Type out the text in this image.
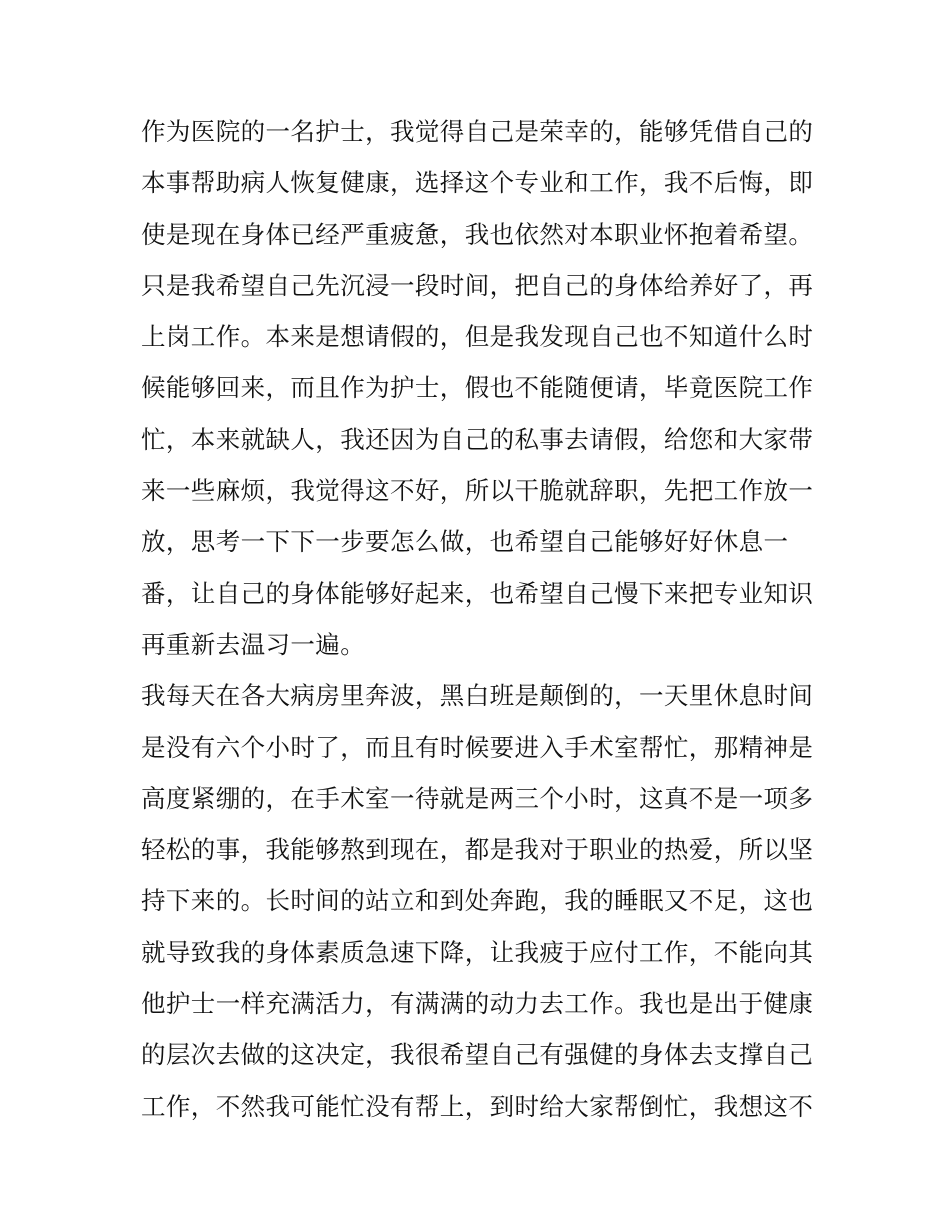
作为医院的一名护士，我觉得自己是荣幸的，能够凭借自己的
本事帮助病人恢复健康，选择这个专业和工作，我不后悔，即
使是现在身体已经严重疲惫，我也依然对本职业怀抱着希望。
只是我希望自己先沉浸一段时间，把自己的身体给养好了，再
上岗工作。本来是想请假的，但是我发现自己也不知道什么时
候能够回来，而且作为护士，假也不能随便请，毕竟医院工作
忙，本来就缺人，我还因为自己的私事去请假，给您和大家带
来一些麻烦，我觉得这不好，所以干脆就辞职，先把工作放一
放，思考一下下一步要怎么做，也希望自己能够好好休息一
番，让自己的身体能够好起来，也希望自己慢下来把专业知识
再重新去温习一遍。
我每天在各大病房里奔波，黑白班是颠倒的，一天里休息时间
是没有六个小时了，而且有时候要进入手术室帮忙，那精神是
高度紧绷的，在手术室一待就是两三个小时，这真不是一项多
轻松的事，我能够熬到现在，都是我对于职业的热爱，所以坚
持下来的。长时间的站立和到处奔跑，我的睡眠又不足，这也
就导致我的身体素质急速下降，让我疲于应付工作，不能向其
他护士一样充满活力，有满满的动力去工作。我也是出于健康
的层次去做的这决定，我很希望自己有强健的身体去支撑自己
工作，不然我可能忙没有帮上，到时给大家帮倒忙，我想这不
